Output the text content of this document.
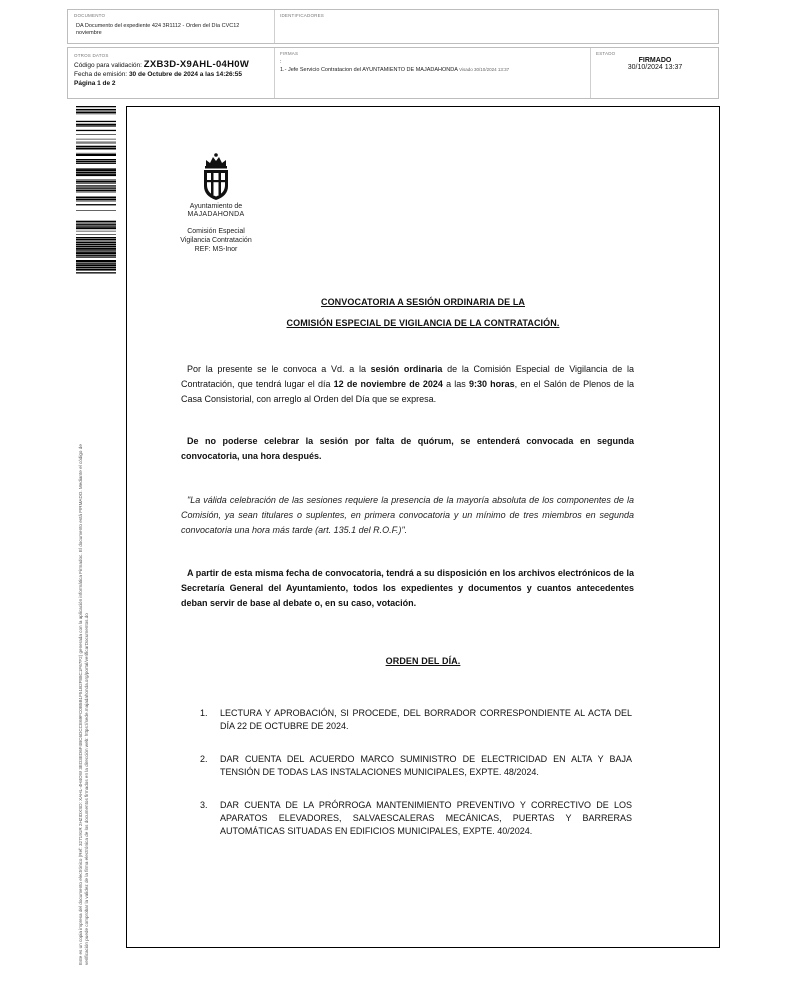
DOCUMENTO
DA Documento del expediente 424 3R1112 - Orden del Día CVC12
noviembre
IDENTIFICADORES
OTROS DATOS
Código para validación: ZXB3D-X9AHL-04H0W
Fecha de emisión: 30 de Octubre de 2024 a las 14:26:55
Página 1 de 2
FIRMAS
:
1.- Jefe Servicio Contratacion del AYUNTAMIENTO DE MAJADAHONDA Visado 30/10/2024 13:37
ESTADO
FIRMADO
30/10/2024 13:37
Este es un copia impresa del documento electrónico (Ref: 327191R 2HZIDXSD: XAHL-4H4OW 3ED3ED6F4BC6DCCE69FC0B5B1F51B2F88C1F67F2) generada con la aplicación informática Firmadoc. El documento está FIRMADO. Mediante el código de verificación puede comprobar la validez de la firma electrónica de los documentos firmados en la dirección web: https://sede.majadahonda.org/portal/verificarDocumentos.do
Ayuntamiento de
MAJADAHONDA
Comisión Especial
Vigilancia Contratación
REF: MS-Inor
CONVOCATORIA A SESIÓN ORDINARIA DE LA
COMISIÓN ESPECIAL DE VIGILANCIA DE LA CONTRATACIÓN.

Por la presente se le convoca a Vd. a la sesión ordinaria de la Comisión Especial de Vigilancia de la Contratación, que tendrá lugar el día 12 de noviembre de 2024 a las 9:30 horas, en el Salón de Plenos de la Casa Consistorial, con arreglo al Orden del Día que se expresa.

De no poderse celebrar la sesión por falta de quórum, se entenderá convocada en segunda convocatoria, una hora después.

"La válida celebración de las sesiones requiere la presencia de la mayoría absoluta de los componentes de la Comisión, ya sean titulares o suplentes, en primera convocatoria y un mínimo de tres miembros en segunda convocatoria una hora más tarde (art. 135.1 del R.O.F.)".

A partir de esta misma fecha de convocatoria, tendrá a su disposición en los archivos electrónicos de la Secretaría General del Ayuntamiento, todos los expedientes y documentos y cuantos antecedentes deban servir de base al debate o, en su caso, votación.

ORDEN DEL DÍA.
1. LECTURA Y APROBACIÓN, SI PROCEDE, DEL BORRADOR CORRESPONDIENTE AL ACTA DEL DÍA 22 DE OCTUBRE DE 2024.
2. DAR CUENTA DEL ACUERDO MARCO SUMINISTRO DE ELECTRICIDAD EN ALTA Y BAJA TENSIÓN DE TODAS LAS INSTALACIONES MUNICIPALES, EXPTE. 48/2024.
3. DAR CUENTA DE LA PRÓRROGA MANTENIMIENTO PREVENTIVO Y CORRECTIVO DE LOS APARATOS ELEVADORES, SALVAESCALERAS MECÁNICAS, PUERTAS Y BARRERAS AUTOMÁTICAS SITUADAS EN EDIFICIOS MUNICIPALES, EXPTE. 40/2024.
